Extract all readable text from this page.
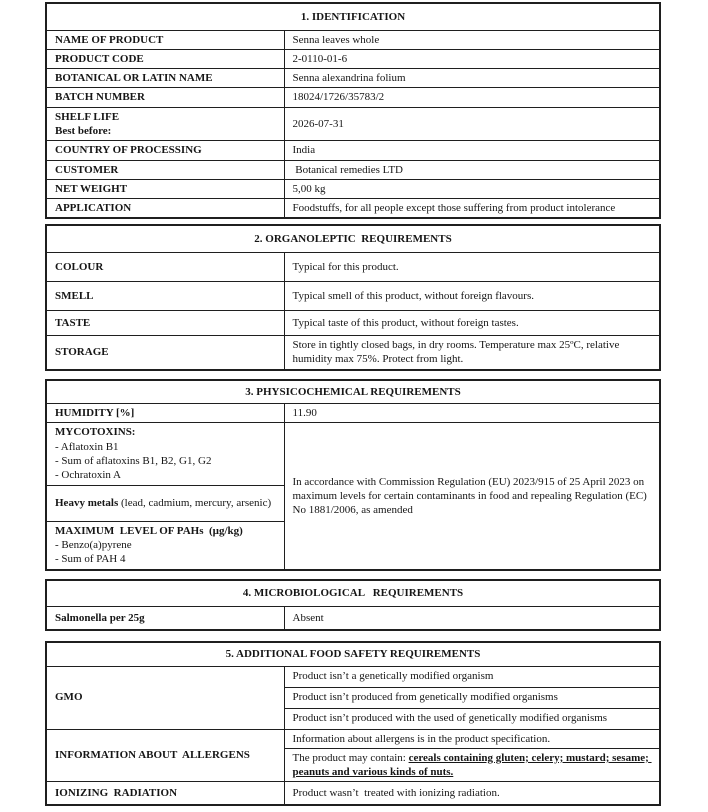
1. IDENTIFICATION	
NAME OF PRODUCT	Senna leaves whole
PRODUCT CODE	2-0110-01-6
BOTANICAL OR LATIN NAME	Senna alexandrina folium
BATCH NUMBER	18024/1726/35783/2

SHELF LIFE
Best before:	2026-07-31
COUNTRY OF PROCESSING	India
CUSTOMER	Botanical remedies LTD
NET WEIGHT	5,00 kg
APPLICATION	Foodstuffs, for all people except those suffering from product intolerance
2. ORGANOLEPTIC  REQUIREMENTS	
COLOUR	Typical for this product.
SMELL	Typical smell of this product, without foreign flavours.
TASTE	Typical taste of this product, without foreign tastes.
STORAGE	Store in tightly closed bags, in dry rooms. Temperature max 25ºC, relative humidity max 75%. Protect from light.
3. PHYSICOCHEMICAL REQUIREMENTS	
HUMIDITY [%]	11.90

MYCOTOXINS:
- Aflatoxin B1
- Sum of aflatoxins B1, B2, G1, G2
- Ochratoxin A	In accordance with Commission Regulation (EU) 2023/915 of 25 April 2023 on maximum levels for certain contaminants in food and repealing Regulation (EC) No 1881/2006, as amended
Heavy metals (lead, cadmium, mercury, arsenic)	

MAXIMUM  LEVEL OF PAHs  (µg/kg)
- Benzo(a)pyrene
- Sum of PAH 4	
4. MICROBIOLOGICAL   REQUIREMENTS
Salmonella per 25g	Absent
5. ADDITIONAL FOOD SAFETY REQUIREMENTS	
GMO	Product isn’t a genetically modified organism
	Product isn’t produced from genetically modified organisms
	Product isn’t produced with the used of genetically modified organisms
INFORMATION ABOUT  ALLERGENS	Information about allergens is in the product specification.
	The product may contain: cereals containing gluten; celery; mustard; sesame; peanuts and various kinds of nuts.
IONIZING  RADIATION	Product wasn’t  treated with ionizing radiation.
